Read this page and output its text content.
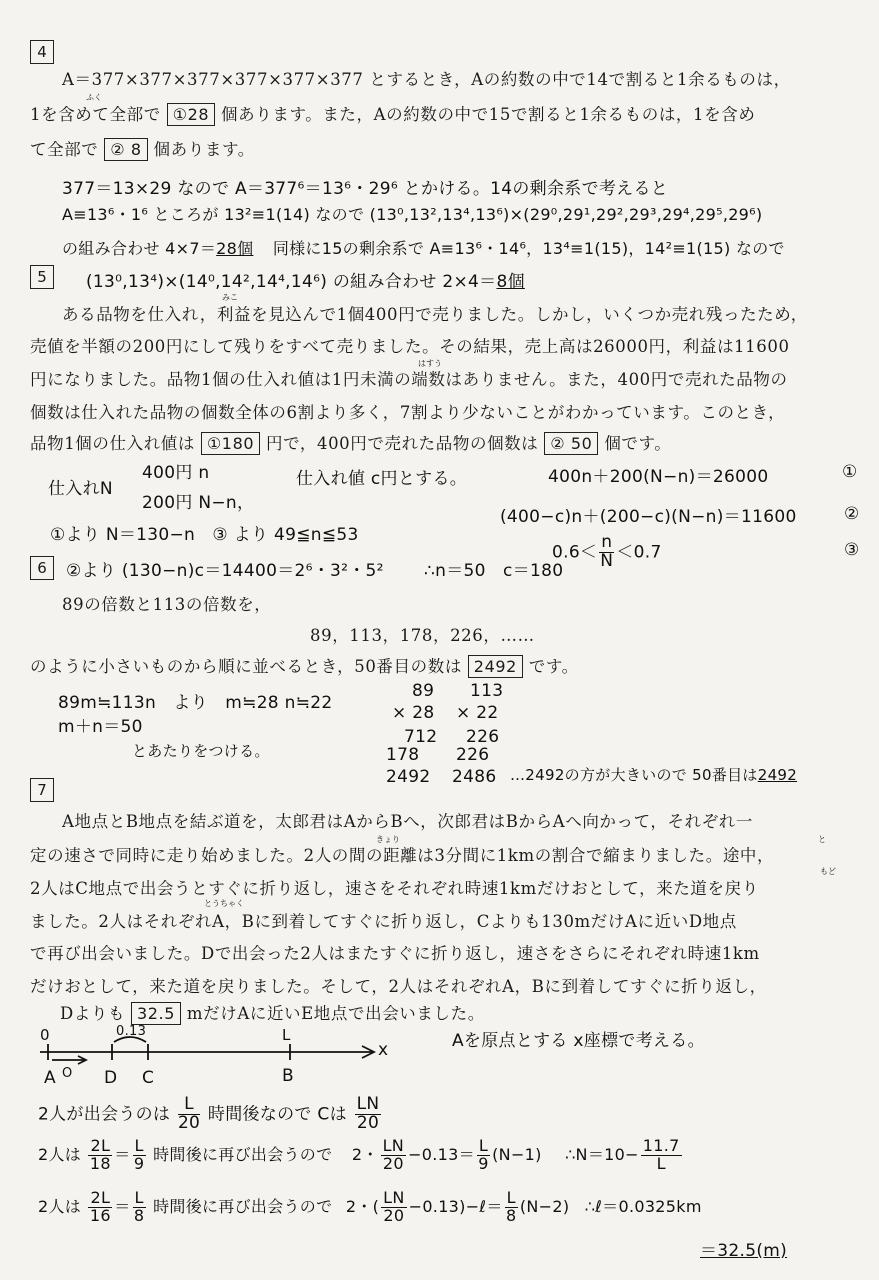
4
A＝377×377×377×377×377×377 とするとき，Aの約数の中で14で割ると1余るものは，
ふく
1を含めて全部で ①28 個あります。また，Aの約数の中で15で割ると1余るものは，1を含め
て全部で ② 8 個あります。
377＝13×29 なので A＝377⁶＝13⁶・29⁶ とかける。14の剰余系で考えると
A≡13⁶・1⁶ ところが 13²≡1(14) なので (13⁰,13²,13⁴,13⁶)×(29⁰,29¹,29²,29³,29⁴,29⁵,29⁶)
の組み合わせ 4×7＝28個 同様に15の剰余系で A≡13⁶・14⁶，13⁴≡1(15)，14²≡1(15) なので
5	(13⁰,13⁴)×(14⁰,14²,14⁴,14⁶) の組み合わせ 2×4＝8個
みこ
ある品物を仕入れ，利益を見込んで1個400円で売りました。しかし，いくつか売れ残ったため，
売値を半額の200円にして残りをすべて売りました。その結果，売上高は26000円，利益は11600
はすう
円になりました。品物1個の仕入れ値は1円未満の端数はありません。また，400円で売れた品物の
個数は仕入れた品物の個数全体の6割より多く，7割より少ないことがわかっています。このとき，
品物1個の仕入れ値は ①180 円で，400円で売れた品物の個数は ② 50 個です。
仕入れN
400円 n
200円 N−n，
仕入れ値 c円とする。	400n＋200(N−n)＝26000	①
(400−c)n＋(200−c)(N−n)＝11600	②
$0.6< \frac{n}{N} <0.7$	③
①より N＝130−n　③ より 49≦n≦53
6	②より (130−n)c＝14400＝2⁶・3²・5² ∴n＝50　c＝180
89の倍数と113の倍数を，
89，113，178，226，……
のように小さいものから順に並べるとき，50番目の数は 2492 です。
89m≒113n　より　m≒28 n≒22
m＋n＝50
とあたりをつける。
89
× 28
712
178
2492
113
× 22
226
226
2486 …2492の方が大きいので 50番目は2492
7
A地点とB地点を結ぶ道を，太郎君はAからBへ，次郎君はBからAへ向かって，それぞれ一
きょり	と
定の速さで同時に走り始めました。2人の間の距離は3分間に1kmの割合で縮まりました。途中，
もど
2人はC地点で出会うとすぐに折り返し，速さをそれぞれ時速1kmだけおとして，来た道を戻り
とうちゃく
ました。2人はそれぞれA，Bに到着してすぐに折り返し，Cよりも130mだけAに近いD地点
で再び出会いました。Dで出会った2人はまたすぐに折り返し，速さをさらにそれぞれ時速1km
だけおとして，来た道を戻りました。そして，2人はそれぞれA，Bに到着してすぐに折り返し，
Dよりも 32.5 mだけAに近いE地点で出会いました。
0	0.13	L
x
A O D C	B
Aを原点とする x座標で考える。
2人が出会うのは $\frac{L}{20}$ 時間後なので Cは $\frac{LN}{20}$
2人は $\frac{2L}{18} = \frac{L}{9}$ 時間後に再び出会うので 2・ $\frac{LN}{20} -0.13= \frac{L}{9} (N-1)$ ∴N＝10− $\frac{11.7}{L}$
2人は $\frac{2L}{16} = \frac{L}{8}$ 時間後に再び出会うので 2・( $\frac{LN}{20}$ −0.13)−ℓ＝ $\frac{L}{8} (N-2)$ ∴ℓ＝0.0325km
＝32.5(m)
